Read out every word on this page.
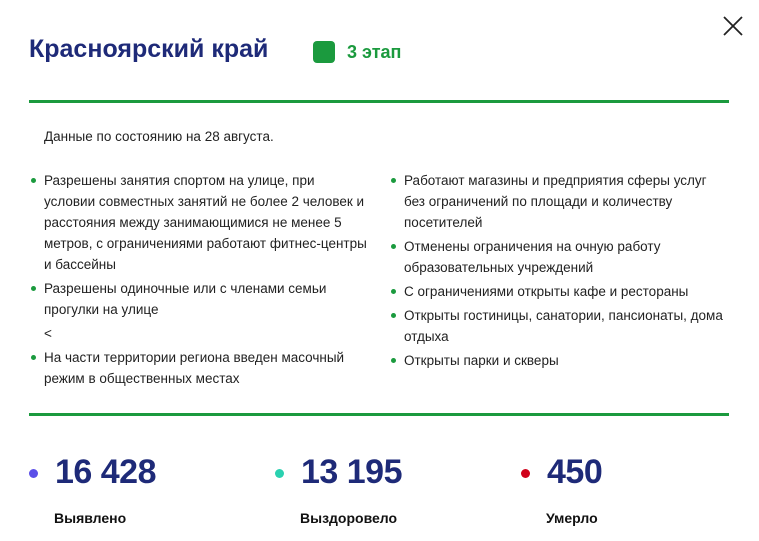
Красноярский край	3 этап
Данные по состоянию на 28 августа.
Разрешены занятия спортом на улице, при условии совместных занятий не более 2 человек и расстояния между занимающимися не менее 5 метров, с ограничениями работают фитнес-центры и бассейны
Разрешены одиночные или с членами семьи прогулки на улице
<
На части территории региона введен масочный режим в общественных местах
Работают магазины и предприятия сферы услуг без ограничений по площади и количеству посетителей
Отменены ограничения на очную работу образовательных учреждений
С ограничениями открыты кафе и рестораны
Открыты гостиницы, санатории, пансионаты, дома отдыха
Открыты парки и скверы
16 428
Выявлено
13 195
Выздоровело
450
Умерло
